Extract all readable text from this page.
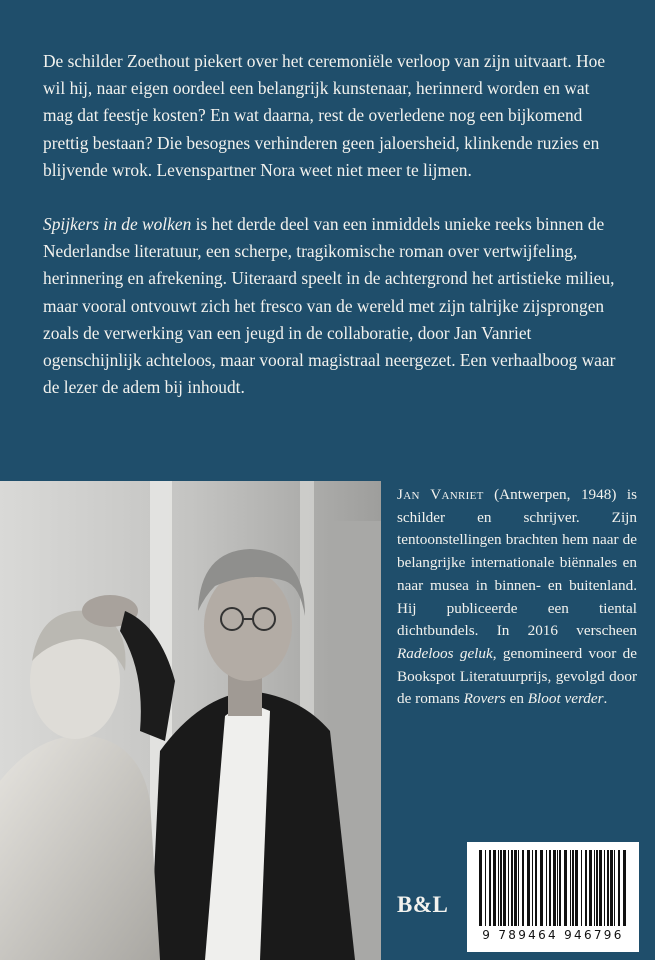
De schilder Zoethout piekert over het ceremoniële verloop van zijn uitvaart. Hoe wil hij, naar eigen oordeel een belangrijk kunstenaar, herinnerd worden en wat mag dat feestje kosten? En wat daarna, rest de overledene nog een bijkomend prettig bestaan? Die besognes verhinderen geen jaloersheid, klinkende ruzies en blijvende wrok. Levenspartner Nora weet niet meer te lijmen.

Spijkers in de wolken is het derde deel van een inmiddels unieke reeks binnen de Nederlandse literatuur, een scherpe, tragikomische roman over vertwijfeling, herinnering en afrekening. Uiteraard speelt in de achtergrond het artistieke milieu, maar vooral ontvouwt zich het fresco van de wereld met zijn talrijke zijsprongen zoals de verwerking van een jeugd in de collaboratie, door Jan Vanriet ogenschijnlijk achteloos, maar vooral magistraal neergezet. Een verhaalboog waar de lezer de adem bij inhoudt.

Jan Vanriet (Antwerpen, 1948) is schilder en schrijver. Zijn tentoonstellingen brachten hem naar de belangrijke internationale biënnales en naar musea in binnen- en buitenland. Hij publiceerde een tiental dichtbundels. In 2016 verscheen Radeloos geluk, genomineerd voor de Bookspot Literatuurprijs, gevolgd door de romans Rovers en Bloot verder.
B&L
9 789464 946796
